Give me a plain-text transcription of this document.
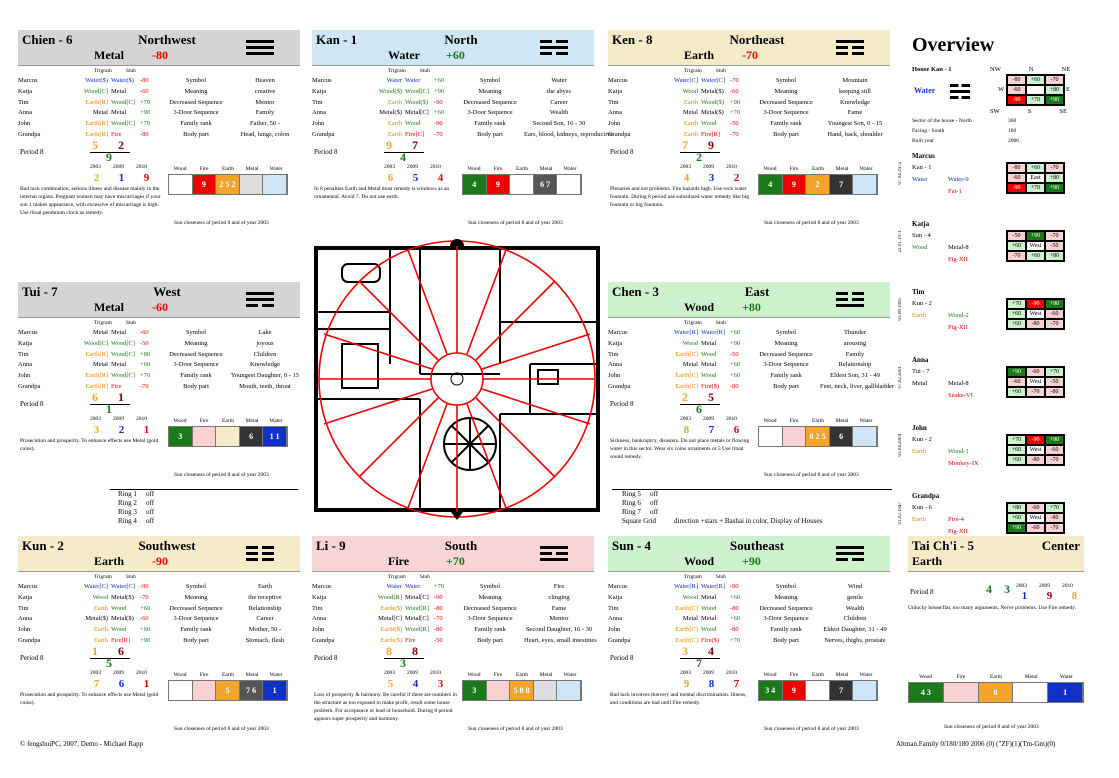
Chien - 6	Northwest
Metal -80
Trigram	Stub
Marcus	Water($) Water($) -80	Symbol	Heaven
Katja	Wood[C] Metal	-60	Meaning	creative
Tim	Earth[R] Wood[C] +70	Decreased Sequence	Mentor
Anna	Metal Metal	+90	3-Door Sequence	Family
John	Earth[R] Wood[C] +70	Family rank	Father, 50 -
Grandpa	Earth[R] Fire	-80	Body part	Head, lungs, colon
Period 8	5 2
9
2003 2009 2010
2	1	9
Wood	Fire	Earth	Metal	Water
9	2 5 2
Bad luck combination, serious illness and disease mainly in the internal organs. Pregnant women may have miscarriages if your son 1 makes appearance, with excessive of miscarriage is high. Use ritual pendulum clock as remedy.
Sun closeness of period 8 and of year 2003
Kan - 1	North
Water +60
Trigram	Stub
Marcus	Water Water	+60	Symbol	Water
Katja	Wood($) Wood[C] +90	Meaning	the abyss
Tim	Earth Wood($) -90	Decreased Sequence	Career
Anna	Metal($) Metal[C] +60	3-Door Sequence	Wealth
John	Earth Wood	-90	Family rank	Second Son, 16 - 30
Grandpa	Earth Fire[C]	-70	Body part	Ears, blood, kidneys, reproductive
Period 8	9 7
4
2003 2009 2010
6	5	4
Wood	Fire	Earth	Metal	Water
4	9	6 7
In 8 penalties Earth and Metal must remedy is windows as an ornamental. Avoid 7. Do not use earth.
Sun closeness of period 8 and of year 2003
Ken - 8	Northeast
Earth -70
Trigram	Stub
Marcus	Water[C] Water[C] -70	Symbol	Mountain
Katja	Wood Metal($) -60	Meaning	keeping still
Tim	Earth Wood($) +90	Decreased Sequence	Knowledge
Anna	Metal Metal($) +70	3-Door Sequence	Fame
John	Earth Wood	-50	Family rank	Youngest Son, 0 - 15
Grandpa	Earth Fire[R]	-70	Body part	Hand, back, shoulder
Period 8	7 9
2
2003 2009 2010
4	3	2
Wood	Fire	Earth	Metal	Water
4	9	2	7
Plenaries and not problems. Fire hazards high. Use rock water fountain. During 8 period use subsidized water remedy like big fountain or big fountain.
Sun closeness of period 8 and of year 2003
Tui - 7	West
Metal -60
Trigram	Stub
Marcus	Metal Metal	-60	Symbol	Lake
Katja	Wood[C] Wood[C] -50	Meaning	joyous
Tim	Earth[R] Wood[C] +80	Decreased Sequence	Children
Anna	Metal Metal	+60	3-Door Sequence	Knowledge
John	Earth[R] Wood[C] +70	Family rank	Youngest Daughter, 0 - 15
Grandpa	Earth[R] Fire	-70	Body part	Mouth, teeth, throat
Period 8	6 1
1
2003 2009 2010
3	2	1
Wood	Fire	Earth	Metal	Water
3	6	1 1
Prosecution and prosperity. To enhance effects use Metal (gold coins).
Sun closeness of period 8 and of year 2003
Chen - 3	East
Wood +80
Trigram	Stub
Marcus	Water[R] Water[R] +60	Symbol	Thunder
Katja	Wood Metal	+90	Meaning	arousing
Tim	Earth[C] Wood	-50	Decreased Sequence	Family
Anna	Metal Metal	+60	3-Door Sequence	Relationship
John	Earth[C] Wood	+60	Family rank	Eldest Son, 31 - 49
Grandpa	Earth[C] Fire($)	-80	Body part	Feet, neck, liver, gallbladder
Period 8	2 5
6
2003 2009 2010
8	7	6
Wood	Fire	Earth	Metal	Water
8 2 5	6
Sickness, bankruptcy, disasters. Do not place metals or flowing water in this sector. Wear six coins ornaments or 5 Use ritual sound remedy.
Sun closeness of period 8 and of year 2003
Kun - 2	Southwest
Earth -90
Trigram	Stub
Marcus	Water[C] Water[C] -90	Symbol	Earth
Katja	Wood Metal($) -70	Meaning	the receptive
Tim	Earth Wood	+60	Decreased Sequence	Relationship
Anna	Metal($) Metal($) -60	3-Door Sequence	Career
John	Earth Wood	+60	Family rank	Mother, 50 -
Grandpa	Earth Fire[R]	+90	Body part	Stomach, flesh
Period 8	1 6
5
2003 2009 2010
7	6	1
Wood	Fire	Earth	Metal	Water
5	7 6	1
Prosecution and prosperity. To enhance effects use Metal (gold coins).
Sun closeness of period 8 and of year 2003
Li - 9	South
Fire	+70
Trigram	Stub
Marcus	Water Water	+70	Symbol	Fire
Katja	Wood[R] Metal[C] -90	Meaning	clinging
Tim	Earth($) Wood[R] -80	Decreased Sequence	Fame
Anna	Metal[C] Metal[C] -70	3-Door Sequence	Mentor
John	Earth($) Wood[R] -80	Family rank	Second Daughter, 16 - 30
Grandpa	Earth($) Fire	-50	Body part	Heart, eyes, small intestines
Period 8	8 8
3
2003 2009 2010
5	4	3
Wood	Fire	Earth	Metal	Water
3	5 8 8
Loss of prosperity & harmony. Be careful if there are numbers in the structure as too exposed to make profit, result some house problem. For acceptance or lead of household. During 8 period appears super prosperity and harmony.
Sun closeness of period 8 and of year 2003
Sun - 4	Southeast
Wood +90
Trigram	Stub
Marcus	Water[R] Water[R] -90	Symbol	Wind
Katja	Wood Metal	+60	Meaning	gentle
Tim	Earth[C] Wood	-80	Decreased Sequence	Wealth
Anna	Metal Metal	+60	3-Door Sequence	Children
John	Earth[C] Wood	-80	Family rank	Eldest Daughter, 31 - 49
Grandpa	Earth[C] Fire($)	+70	Body part	Nerves, thighs, prostate
Period 8	3 4
7
2003 2009 2010
9	8	7
Wood	Fire	Earth	Metal	Water
3 4	9	7
Bad luck involves thievery and mental discrimination. Illness, and conditions are bad until Fire remedy.
Sun closeness of period 8 and of year 2003
Ring 1 off
Ring 2 off
Ring 3 off
Ring 4 off
Ring 5 off
Ring 6 off
Ring 7 off
Square Grid	direction +stars + Bashai in color, Display of Houses
Overview
House Kan - 1	NW	N	NE
Water
-80	+60	-70
-60	+80
-90	+70	+90
W	E
SW	S	SE
Sector of the house - North	360
Facing - South	180
Built year	2006
Marcus
07.04.1972 Kan - 1
Water	Water-9
Fat-1
-80	+60	-70
-60	East	+80
-90	+70	+90
Katja
22.01.1971 Sun - 4
Wood	Metal-8
Fig-XII
-50	+90	-70
+60	West	-50
-70	+60	+80
Tim
03.08.1995 Kun - 2
Earth	Wood-2
Pig-XII
+70	-90	+90
+60	West	-60
+60	-80	-70
Anna
07.02.2001 Tui - 7
Metal	Metal-8
Snake-VI
+90	-60	+70
-60	West	-50
+60	-70	-80
John
03.04.2004 Kun - 2
Earth	Wood-1
Monkey-IX
+70	-90	+90
+60	West	-60
+60	-80	-70
Grandpa
01.02.1947 Kun - 6
Earth	Fire-4
Pig-XII
+80	-60	+70
+60	West	-80
+90	-60	-70
Tai Ch'i - 5	Center
Earth
Period 8	4 3 2003 2009 2010
1	9	8
Unlucky house/flat, too many arguments. Nerve problems. Use Fire remedy.
Wood	Fire	Earth	Metal	Water
4 3	8	1
Sun closeness of period 8 and of year 2003
© fengshuiPC, 2007, Demo - Michael Rapp	Altman.Family 0/180/180 2006 (0) ("ZF)(1)(Tm-Gm)(0)
